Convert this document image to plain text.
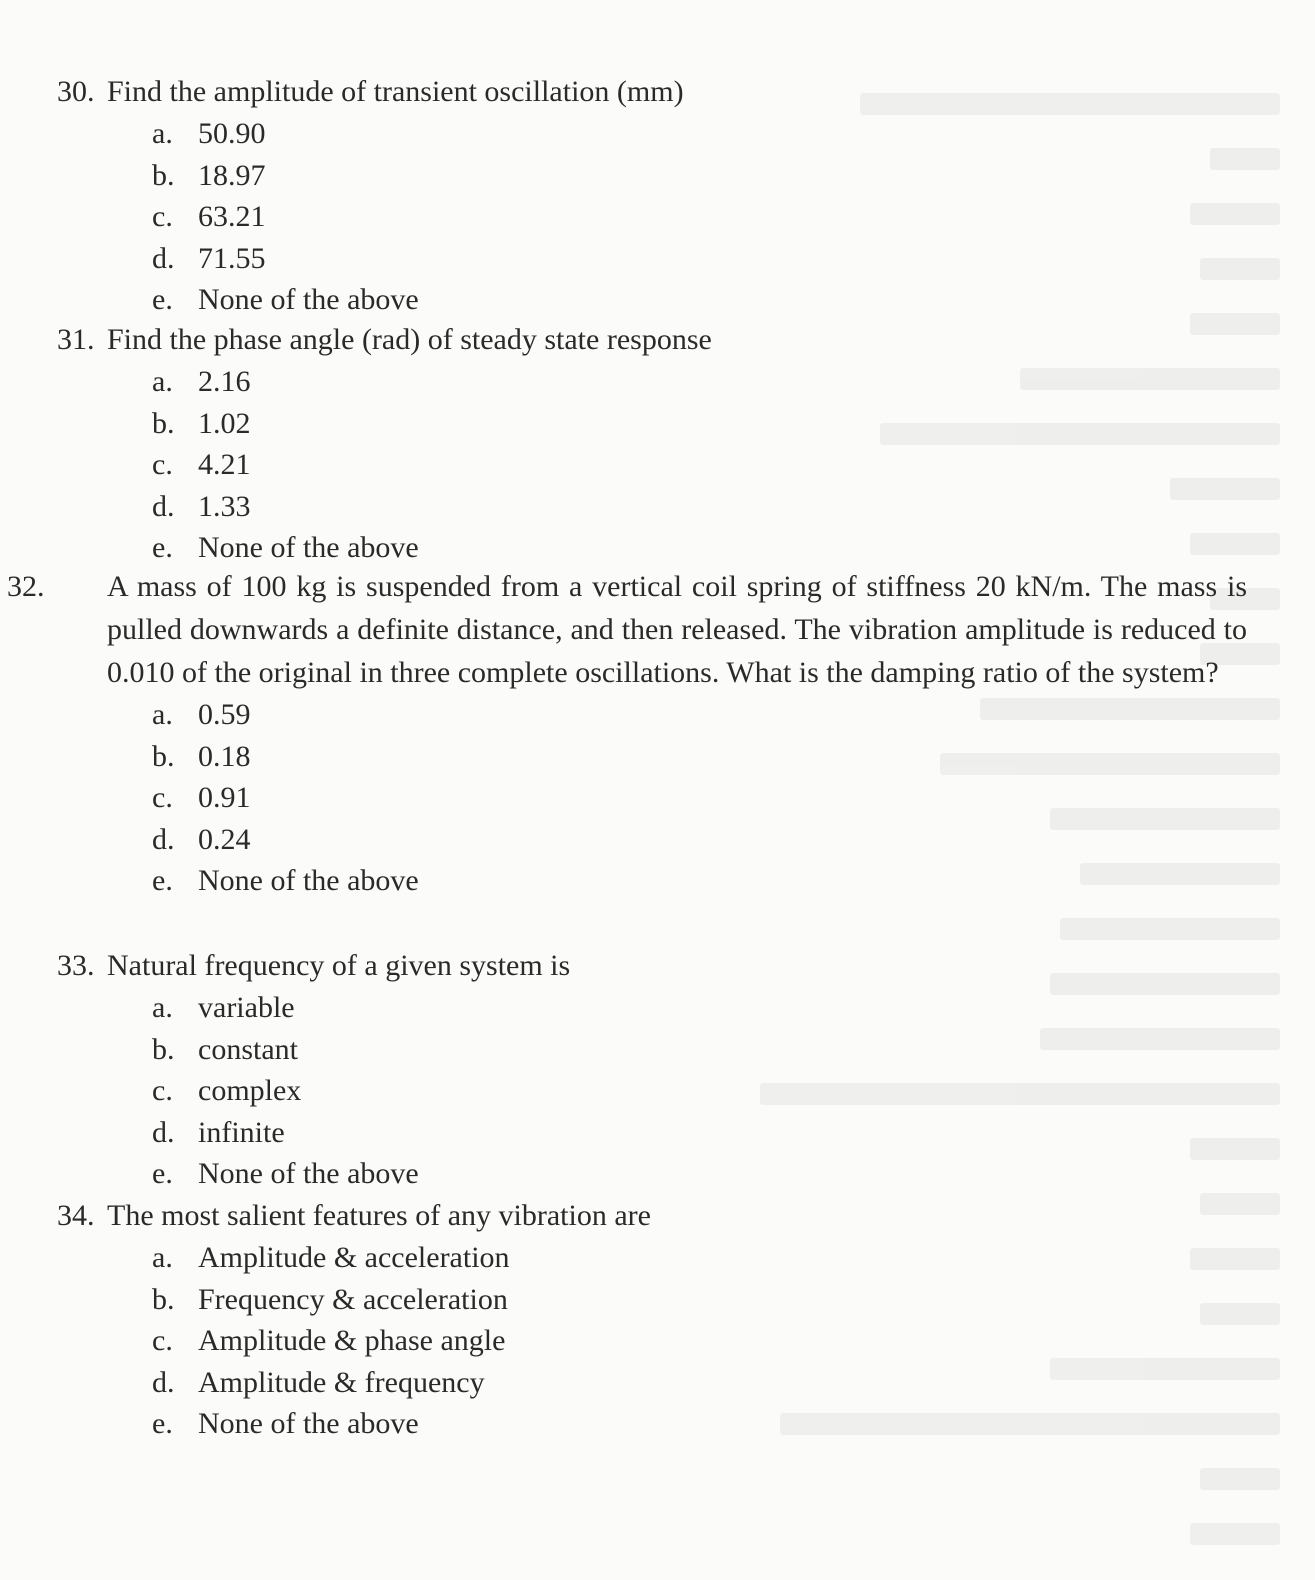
30. Find the amplitude of transient oscillation (mm)

a. 50.90
b. 18.97
c. 63.21
d. 71.55
e. None of the above

31. Find the phase angle (rad) of steady state response

a. 2.16
b. 1.02
c. 4.21
d. 1.33
e. None of the above

32. A mass of 100 kg is suspended from a vertical coil spring of stiffness 20 kN/m. The mass is pulled downwards a definite distance, and then released. The vibration amplitude is reduced to 0.010 of the original in three complete oscillations. What is the damping ratio of the system?

a. 0.59
b. 0.18
c. 0.91
d. 0.24
e. None of the above

33. Natural frequency of a given system is

a. variable
b. constant
c. complex
d. infinite
e. None of the above

34. The most salient features of any vibration are

a. Amplitude & acceleration
b. Frequency & acceleration
c. Amplitude & phase angle
d. Amplitude & frequency
e. None of the above
